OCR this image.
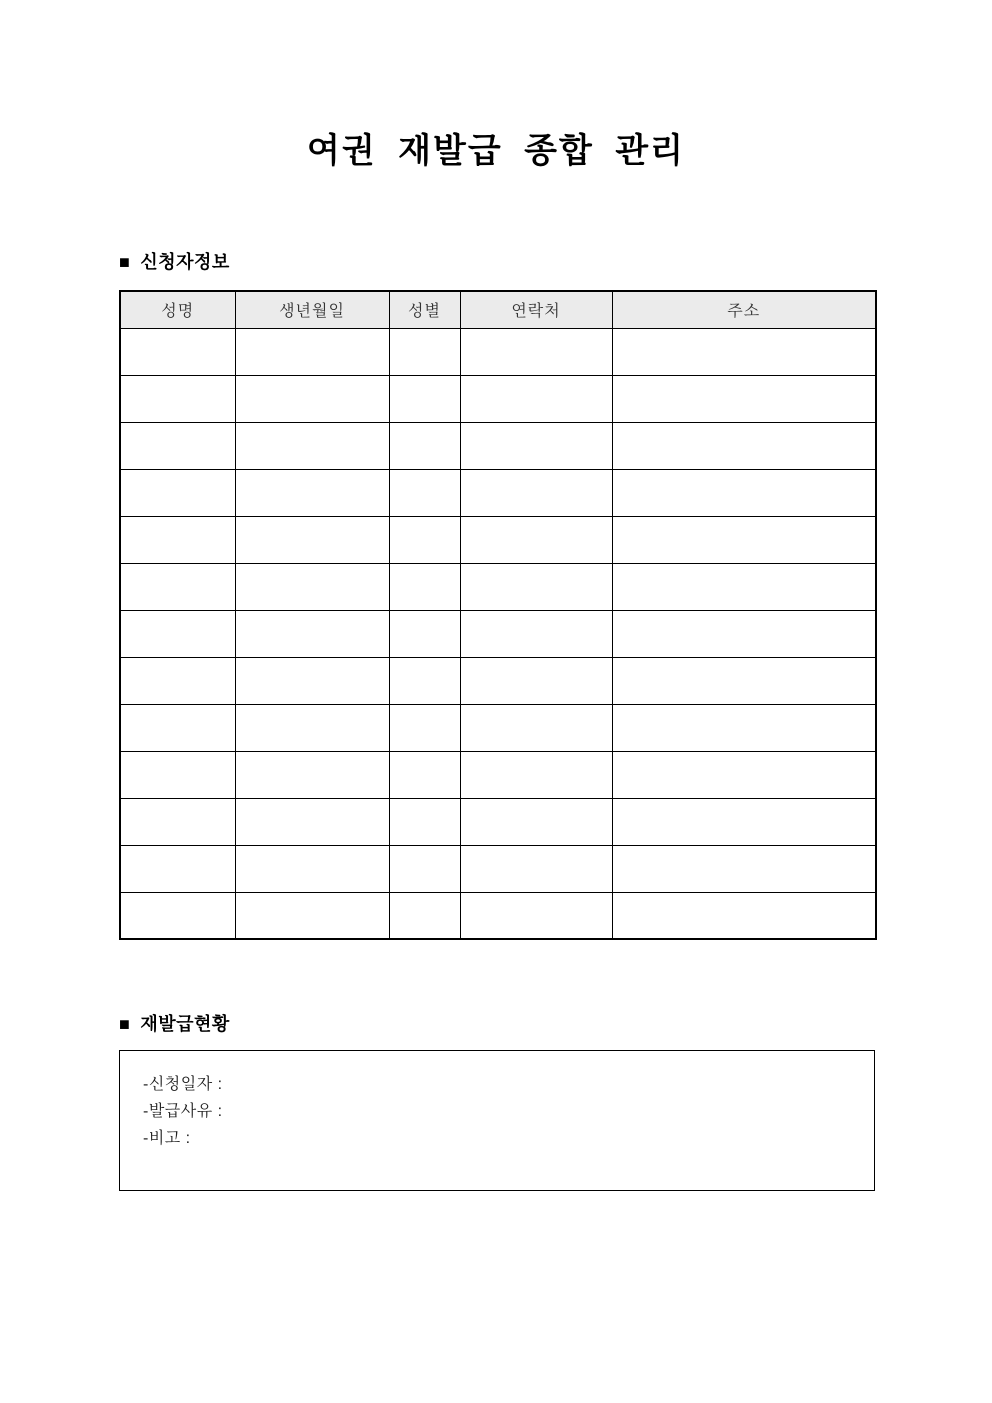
여권 재발급 종합 관리
■ 신청자정보
성명	생년월일	성별	연락처	주소

■ 재발급현황
-신청일자 :
-발급사유 :
-비고 :
